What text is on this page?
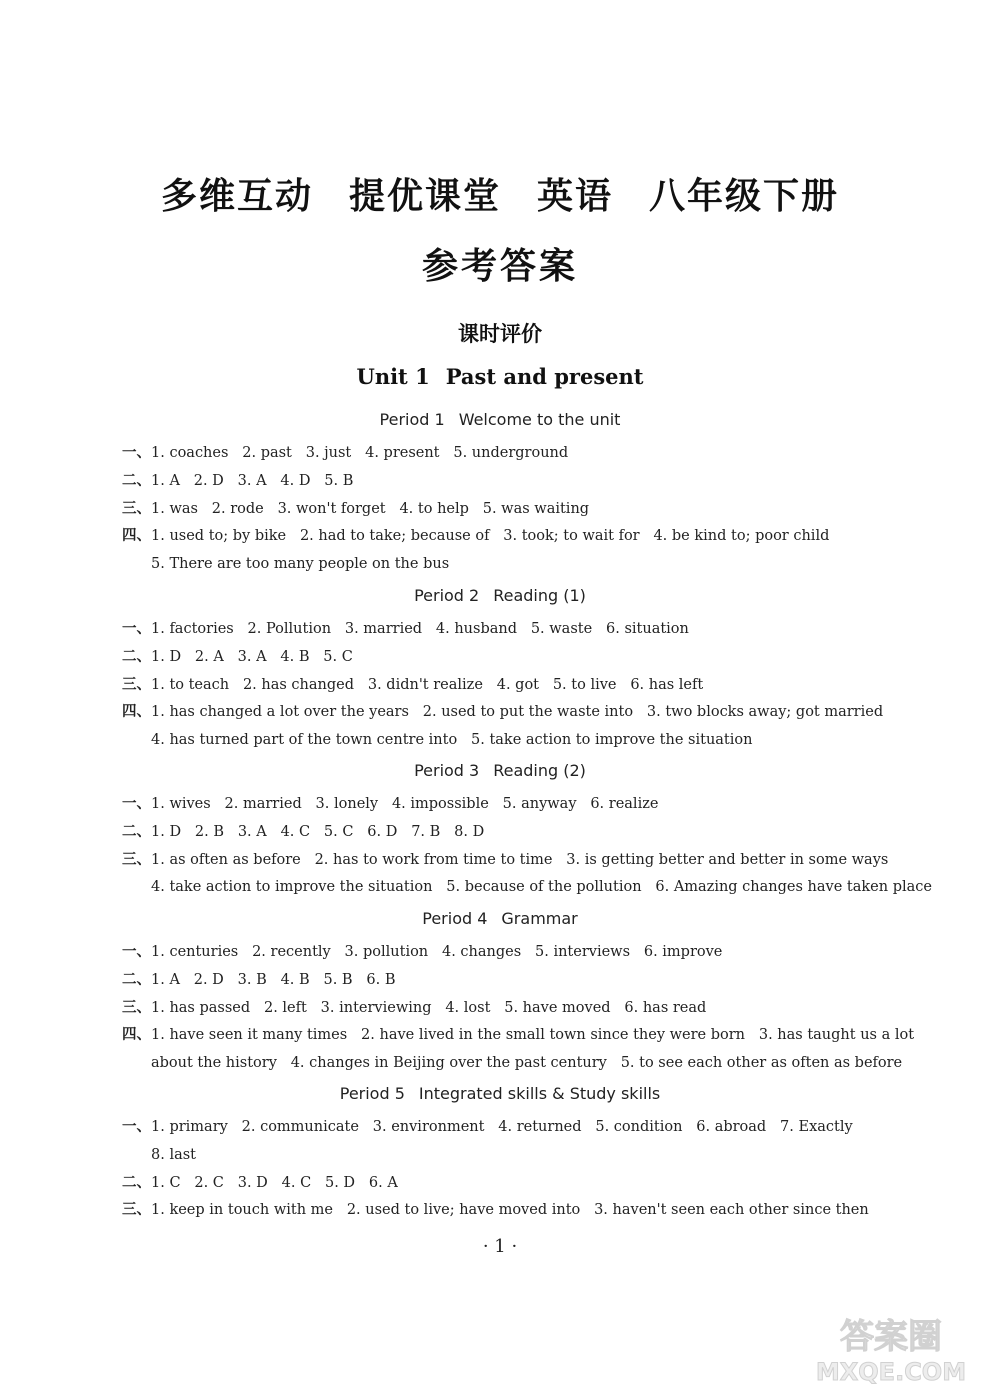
多维互动 提优课堂 英语 八年级下册
参考答案
课时评价
Unit 1 Past and present
Period 1 Welcome to the unit
一、1. coaches   2. past   3. just   4. present   5. underground
二、1. A   2. D   3. A   4. D   5. B
三、1. was   2. rode   3. won't forget   4. to help   5. was waiting
四、1. used to; by bike   2. had to take; because of   3. took; to wait for   4. be kind to; poor child
5. There are too many people on the bus
Period 2 Reading (1)
一、1. factories   2. Pollution   3. married   4. husband   5. waste   6. situation
二、1. D   2. A   3. A   4. B   5. C
三、1. to teach   2. has changed   3. didn't realize   4. got   5. to live   6. has left
四、1. has changed a lot over the years   2. used to put the waste into   3. two blocks away; got married
4. has turned part of the town centre into   5. take action to improve the situation
Period 3 Reading (2)
一、1. wives   2. married   3. lonely   4. impossible   5. anyway   6. realize
二、1. D   2. B   3. A   4. C   5. C   6. D   7. B   8. D
三、1. as often as before   2. has to work from time to time   3. is getting better and better in some ways
4. take action to improve the situation   5. because of the pollution   6. Amazing changes have taken place
Period 4 Grammar
一、1. centuries   2. recently   3. pollution   4. changes   5. interviews   6. improve
二、1. A   2. D   3. B   4. B   5. B   6. B
三、1. has passed   2. left   3. interviewing   4. lost   5. have moved   6. has read
四、1. have seen it many times   2. have lived in the small town since they were born   3. has taught us a lot
about the history   4. changes in Beijing over the past century   5. to see each other as often as before
Period 5 Integrated skills & Study skills
一、1. primary   2. communicate   3. environment   4. returned   5. condition   6. abroad   7. Exactly
8. last
二、1. C   2. C   3. D   4. C   5. D   6. A
三、1. keep in touch with me   2. used to live; have moved into   3. haven't seen each other since then
· 1 ·
答案圈
MXQE.COM
